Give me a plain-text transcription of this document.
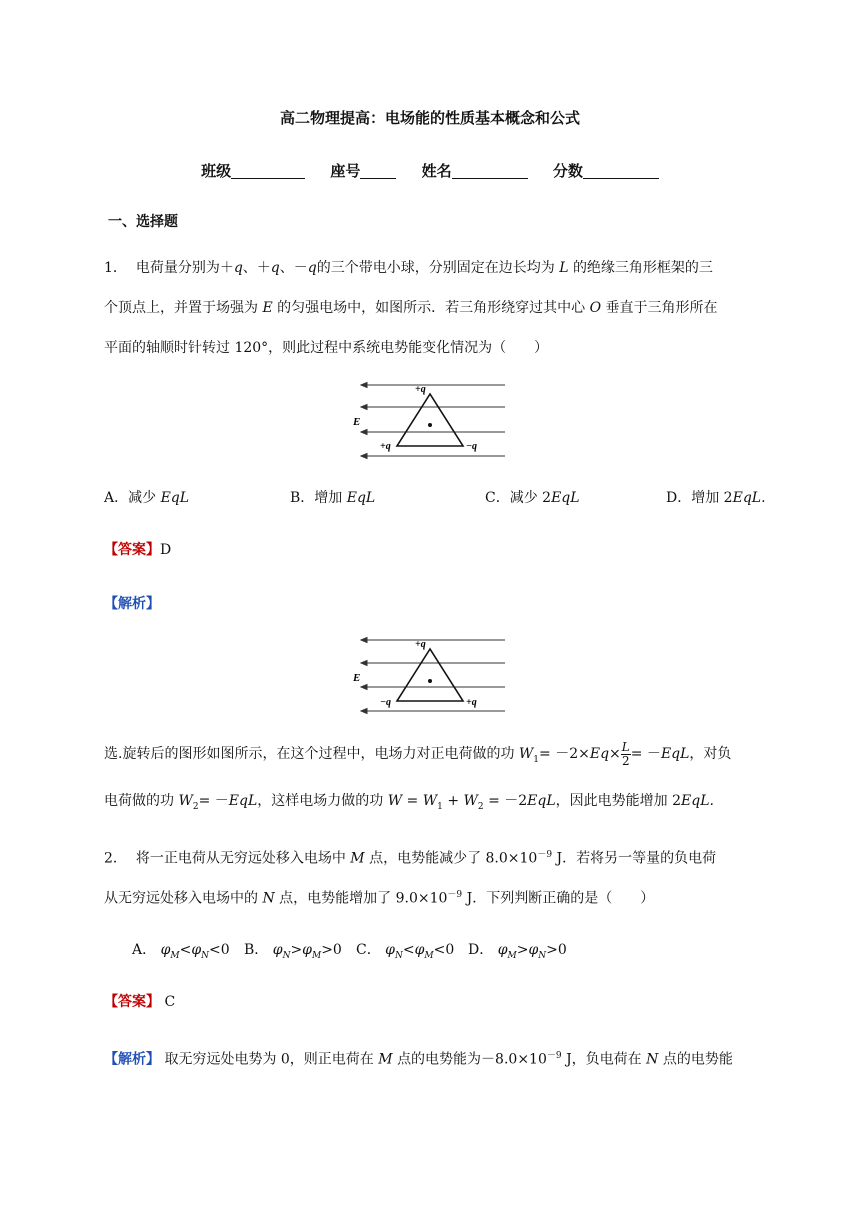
高二物理提高：电场能的性质基本概念和公式
班级	座号	姓名	分数
一、选择题
1． 电荷量分别为＋q、＋q、－q的三个带电小球，分别固定在边长均为 L 的绝缘三角形框架的三
个顶点上，并置于场强为 E 的匀强电场中，如图所示．若三角形绕穿过其中心 O 垂直于三角形所在
平面的轴顺时针转过 120°，则此过程中系统电势能变化情况为（　　）
+q
+q	−q
E
A．减少 EqL	B．增加 EqL	C．减少 2EqL	D．增加 2EqL.
【答案】D
【解析】
+q
−q	+q
E
选.旋转后的图形如图所示，在这个过程中，电场力对正电荷做的功 $W_1= -2\times Eq\times \frac{L}{2} = -EqL$，对负
电荷做的功 $W_2= -EqL$，这样电场力做的功 $W = W_1 + W_2 = -2EqL$，因此电势能增加 2EqL.
2． 将一正电荷从无穷远处移入电场中 M 点，电势能减少了 $8.0\times 10^{-9}$ J．若将另一等量的负电荷
从无穷远处移入电场中的 N 点，电势能增加了 $9.0\times 10^{-9}$ J．下列判断正确的是（　　）
A． $\varphi_M<\varphi_N<0$ B． $\varphi_N>\varphi_M>0$ C． $\varphi_N<\varphi_M<0$ D． $\varphi_M>\varphi_N>0$
【答案】 C
【解析】 取无穷远处电势为 0，则正电荷在 M 点的电势能为$-8.0\times 10^{-9}$ J，负电荷在 N 点的电势能
